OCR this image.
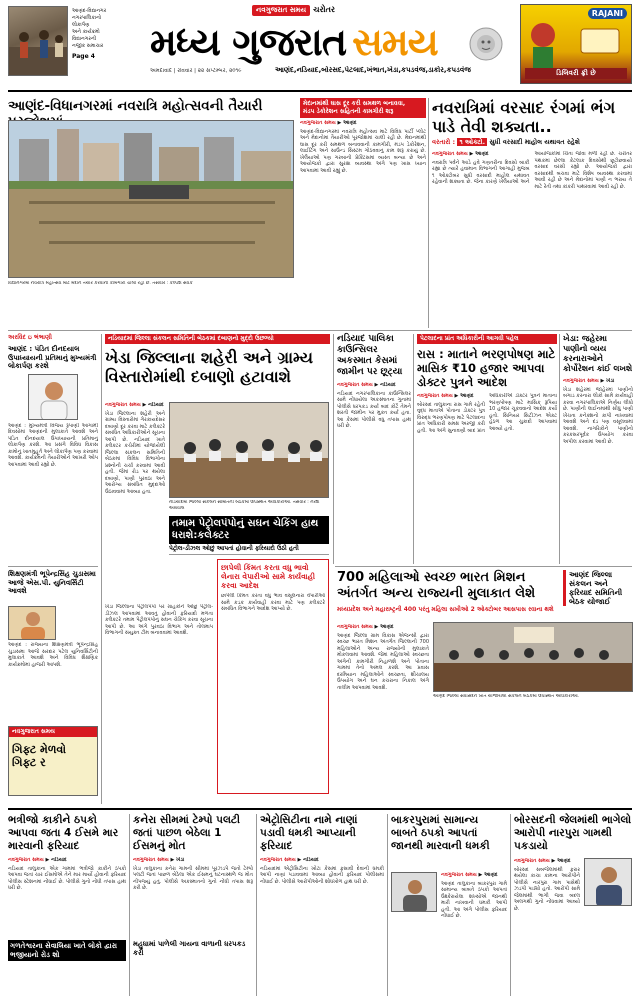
આણંદ-વિદ્યાનગર
નગરપાલિકાનો
લોકાર્પણ
અને કાર્યક્રમો
વિદ્યાનગરની
નજીક સમાચાર
Page 4
નવગુજરાત સમય ચરોતર
મધ્ય ગુજરાત સમય
અમદાવાદ | રવિવાર | ૨૨ સપ્ટેમ્બર, ૨૦૧૯	આણંદ,નડિયાદ,બોરસદ,પેટલાદ,ખંભાત,ખેડા,કપડવંજ,ડાકોર,કપડવંજ
RAJANI
ડિલિવરી ફ્રી છે
આણંદ-વિધાનગરમાં નવરાત્રિ મહોત્સવની તૈયારી	મેદાનમાંથી ઘાસ દૂર કરી સમથળ બનાવવા,
મંડપ ડેકોરેશન સહિતની કામગીરી શરૂ
વિદ્યાનગરમાં નવરાત્રિ મહોત્સવ માટે મેદાન તૈયાર કરવાની કામગીરી ચાલી રહી છે. તસવીર : કલ્પેશ સેવક
નવગુજરાત સમય ▶ આણંદ

આણંદ-વિદ્યાનગરમાં નવરાત્રિ મહોત્સવ માટે વિવિધ પાર્ટી પ્લોટ અને મેદાનોમાં તૈયારીઓ પૂરજોશમાં ચાલી રહી છે. મેદાનમાંથી ઘાસ દૂર કરી સમથળ બનાવવાની કામગીરી, મંડપ ડેકોરેશન, લાઈટિંગ અને સાઉન્ડ સિસ્ટમ ગોઠવવાનું કામ શરૂ કરાયું છે. ખેલૈયાઓ પણ ગરબાની પ્રેક્ટિસમાં વ્યસ્ત બન્યા છે અને આયોજકો દ્વારા સુરક્ષા વ્યવસ્થા અંગે પણ ખાસ ધ્યાન આપવામાં આવી રહ્યું છે.

નવરાત્રિમાં વરસાદ રંગમાં ભંગ પાડે તેવી શક્યતા..
વરતારો : ૧ ઓક્ટો. સુધી વરસાદી માહોલ યથાવત રહેશે
નવગુજરાત સમય ▶ આણંદ

નવરાત્રિ પર્વને આડે હવે ગણતરીના દિવસો બાકી રહ્યા છે ત્યારે હવામાન વિભાગની આગાહી મુજબ ૧ ઓક્ટોબર સુધી વરસાદી માહોલ યથાવત રહેવાની શક્યતા છે. જેના કારણે ખેલૈયાઓ અને આયોજકોમાં ચિંતા જોવા મળી રહી છે. ચરોતર પંથકમાં છેલ્લા કેટલાક દિવસોથી છૂટોછવાયો વરસાદ વરસી રહ્યો છે. આયોજકો દ્વારા વરસાદથી બચવા માટે વિશેષ વ્યવસ્થા કરવામાં આવી રહી છે અને મેદાનોમાં પાણી ન ભરાય તે માટે રેતી તથા કાંકરી પાથરવામાં આવી રહી છે.

અરવિંદ ઇ ભંભાણી
આણંદ : પંડિત દીનદયાલ ઉપાધ્યાયની પ્રતિમાનું મુખ્યમંત્રી લોકાર્પણ કરશે
આણંદ : મુખ્યમંત્રી વિજય રૂપાણી આગામી દિવસોમાં આણંદની મુલાકાતે આવશે અને પંડિત દીનદયાલ ઉપાધ્યાયની પ્રતિમાનું લોકાર્પણ કરશે. આ પ્રસંગે વિવિધ વિકાસ કામોનું ખાતમુહૂર્ત અને લોકાર્પણ પણ કરવામાં આવશે. કાર્યક્રમની તૈયારીઓને આખરી ઓપ આપવામાં આવી રહ્યો છે.
શિક્ષણમંત્રી ભૂપેન્દ્રસિંહ ચુડાસમા આજે એસ.પી. યુનિવર્સિટી આવશે
આણંદ : રાજ્યના શિક્ષણમંત્રી ભૂપેન્દ્રસિંહ ચુડાસમા આજે સરદાર પટેલ યુનિવર્સિટીની મુલાકાતે આવશે અને વિવિધ શૈક્ષણિક કાર્યક્રમોમાં હાજરી આપશે.
નવગુજરાત સમય
ગિફ્ટ મેળવો ગિફ્ટ ર
નડિયાદમાં જિલ્લા સંકલન સમિતિની બેઠકમાં દબાણનો મુદ્દો ઉછળ્યો
ખેડા જિલ્લાના શહેરી અને ગ્રામ્ય વિસ્તારોમાંથી દબાણો હટાવાશે
નવગુજરાત સમય ▶ નડિયાદ

ખેડા જિલ્લાના શહેરી અને ગ્રામ્ય વિસ્તારોમાં ગેરકાયદેસર દબાણો દૂર કરવા માટે કલેક્ટરે સંબંધિત અધિકારીઓને સૂચના આપી છે. નડિયાદ ખાતે કલેક્ટર કચેરીમાં યોજાયેલી જિલ્લા સંકલન સમિતિની બેઠકમાં વિવિધ વિભાગોના પ્રશ્નોની ચર્ચા કરવામાં આવી હતી. જેમાં રોડ પર થયેલા દબાણો, પાણી પુરવઠા અને આરોગ્ય સંબંધિત મુદ્દાઓ ઉઠાવવામાં આવ્યા હતા.

નડિયાદમાં જિલ્લા સંકલન સમિતિની બેઠકમાં ઉપસ્થિત અધિકારીઓ. તસવીર : નરેશ અગ્રવાલ
તમામ પેટ્રોલપંપોનું સઘન ચેકિંગ હાથ ધરાશે:કલેક્ટર
પેટ્રોલ-ડીઝલ ઓછું આપતાં હોવાની ફરિયાદો ઉઠી હતી
ખેડા જિલ્લાના પેટ્રોલપંપો પર ગ્રાહકોને ઓછું પેટ્રોલ-ડીઝલ આપવામાં આવતું હોવાની ફરિયાદો મળતા કલેક્ટરે તમામ પેટ્રોલપંપોનું સઘન ચેકિંગ કરવા સૂચના આપી છે. આ અંગે પુરવઠા વિભાગ અને તોલમાપ વિભાગની સંયુક્ત ટીમ બનાવવામાં આવશે.
છાપેલી કિંમત કરતા વધુ ભાવો લેનારા વેપારીઓ સામે કાર્યવાહી કરવા આદેશ
છાપેલી કિંમત કરતા વધુ ભાવ વસૂલનારા વેપારીઓ સામે કડક કાર્યવાહી કરવા માટે પણ કલેક્ટરે સંબંધિત વિભાગને આદેશ આપ્યો છે.
નડિયાદ પાલિકા કાઉન્સિલર અકસ્માત કેસમાં જામીન પર છૂટ્યા
નવગુજરાત સમય ▶ નડિયાદ

નડિયાદ નગરપાલિકાના કાઉન્સિલર સામે નોંધાયેલા અકસ્માતના ગુનામાં પોલીસે ધરપકડ કર્યા બાદ કોર્ટે તેમને શરતી જામીન પર મુક્ત કર્યા હતા. આ કેસમાં પોલીસે વધુ તપાસ હાથ ધરી છે.

પેટલાદના પ્રાંત અધિકારીની આગવી પહેલ
રાસ : માતાને ભરણપોષણ માટે માસિક ₹10 હજાર આપવા ડોક્ટર પુત્રને આદેશ
નવગુજરાત સમય ▶ આણંદ

બોરસદ તાલુકાના રાસ ગામે રહેતી વૃદ્ધ માતાએ પોતાના ડોક્ટર પુત્ર વિરુદ્ધ ભરણપોષણ માટે પેટલાદના પ્રાંત અધિકારી સમક્ષ અરજી કરી હતી. આ અંગે સુનાવણી બાદ પ્રાંત અધિકારીએ ડોક્ટર પુત્રને માતાના ભરણપોષણ માટે માસિક રૂપિયા 10 હજાર ચૂકવવાનો આદેશ કર્યો હતો. સિનિયર સિટીઝન એક્ટ હેઠળ આ ચુકાદો આપવામાં આવ્યો હતો.

ખેડા: જહેરમા પાણીનો વ્યય કરનારાઓને કોર્પોરેશન કાંઈ લખશે
નવગુજરાત સમય ▶ ખેડા

ખેડા શહેરમાં જાહેરમાં પાણીનો બગાડ કરનારા લોકો સામે કાર્યવાહી કરવા નગરપાલિકાએ નિર્ણય લીધો છે. પાણીની લાઈનમાંથી સીધું પાણી ખેંચતા કનેક્શનો કાપી નાખવામાં આવશે અને દંડ પણ વસૂલવામાં આવશે. નાગરિકોને પાણીનો કરકસરપૂર્વક ઉપયોગ કરવા અપીલ કરવામાં આવી છે.

700 મહિલાઓ સ્વચ્છ ભારત મિશન અંતર્ગત અન્ય રાજ્યની મુલાકાત લેશે
આણંદ જિલ્લા સંકલન અને ફરિયાદ સમિતિની બેઠક યોજાઈ
મધ્યપ્રદેશ અને મહારાષ્ટ્રની 400 પરંતુ મહિલા સખીઓ 2 ઓક્ટોબર આસપાસ રવાના થશે
નવગુજરાત સમય ▶ આણંદ

આણંદ જિલ્લા ગ્રામ વિકાસ એજન્સી દ્વારા સ્વચ્છ ભારત મિશન અંતર્ગત જિલ્લાની 700 મહિલાઓને અન્ય રાજ્યોની મુલાકાતે મોકલવામાં આવશે. જેમાં મહિલાઓ સ્વચ્છતા અંગેની કામગીરી નિહાળશે અને પોતાના ગામમાં તેનો અમલ કરશે. આ પ્રવાસ દરમિયાન મહિલાઓને સ્વચ્છતા, શૌચાલય ઉપયોગ અને ઘન કચરાના નિકાલ અંગે તાલીમ આપવામાં આવશે.

આણંદ જિલ્લા સેવાસદન ખાતે યોજાયેલી સંકલન બેઠકમાં ઉપસ્થિત અધિકારીઓ.
ભત્રીજો કાકીને ઠપકો આપવા જતા 4 ઈસમે માર મારવાની ફરિયાદ
નવગુજરાત સમય ▶ નડિયાદ

નડિયાદ તાલુકાના એક ગામમાં ભત્રીજો કાકીને ઠપકો આપવા જતાં ચાર ઈસમોએ તેને માર માર્યો હોવાની ફરિયાદ પોલીસ સ્ટેશનમાં નોંધાઈ છે. પોલીસે ગુનો નોંધી તપાસ હાથ ધરી છે.

ગળતેશ્વરના સેવાલિયા ખાતે લોકો દ્વારા ભજીયાનો રોડ શો
કનેરા સીમમાં ટેમ્પો પલટી જતાં પાછળ બેઠેલા 1 ઈસમનું મોત
નવગુજરાત સમય ▶ ખેડા

ખેડા તાલુકાના કનેરા ગામની સીમમાં પૂરઝડપે જતો ટેમ્પો પલટી જતાં પાછળ બેઠેલા એક ઈસમનું ઘટનાસ્થળે જ મોત નીપજ્યું હતું. પોલીસે અકસ્માતનો ગુનો નોંધી તપાસ શરૂ કરી છે.

મહુધામાં પાળેલી ગાયના વાળાની ધરપકડ કરી
એટ્રોસિટીના નામે નાણાં પડાવી ધમકી આપ્યાની ફરિયાદ
નવગુજરાત સમય ▶ નડિયાદ

નડિયાદમાં એટ્રોસિટીના ખોટા કેસમાં ફસાવી દેવાની ધમકી આપી નાણાં પડાવવામાં આવ્યા હોવાની ફરિયાદ પોલીસમાં નોંધાઈ છે. પોલીસે આરોપીઓની શોધખોળ હાથ ધરી છે.

બાકરપુરામાં સામાન્ય બાબતે ઠપકો આપતાં જાનથી મારવાની ધમકી
નવગુજરાત સમય ▶ આણંદ

આણંદ તાલુકાના બાકરપુરા ગામે સામાન્ય બાબતે ઠપકો આપતાં ઉશ્કેરાયેલા શખ્સોએ જાનથી મારી નાખવાની ધમકી આપી હતી. આ અંગે પોલીસ ફરિયાદ નોંધાઈ છે.

બોરસદની જેલમાંથી ભાગેલો આરોપી નારપુરા ગામથી પકડાયો
નવગુજરાત સમય ▶ આણંદ

બોરસદ સબજેલમાંથી ફરાર થયેલા કાચા કામના આરોપીને પોલીસે નારપુરા ગામ પાસેથી ઝડપી પાડ્યો હતો. આરોપી સામે જેલમાંથી ભાગી જવા બદલ અલગથી ગુનો નોંધવામાં આવ્યો છે.
